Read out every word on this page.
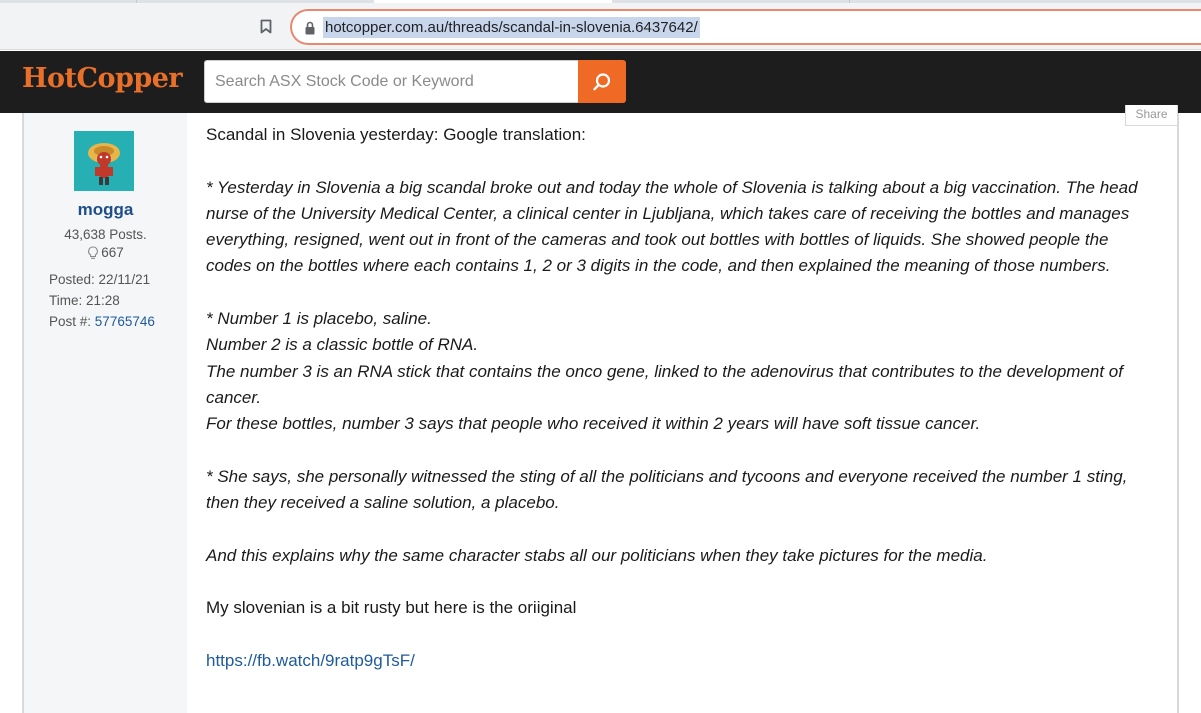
hotcopper.com.au/threads/scandal-in-slovenia.6437642/
HotCopper
Search ASX Stock Code or Keyword
Share
mogga
43,638 Posts.
667
Posted: 22/11/21
Time: 21:28
Post #: 57765746

Scandal in Slovenia yesterday: Google translation:

* Yesterday in Slovenia a big scandal broke out and today the whole of Slovenia is talking about a big vaccination. The head nurse of the University Medical Center, a clinical center in Ljubljana, which takes care of receiving the bottles and manages everything, resigned, went out in front of the cameras and took out bottles with bottles of liquids. She showed people the codes on the bottles where each contains 1, 2 or 3 digits in the code, and then explained the meaning of those numbers.

* Number 1 is placebo, saline.

Number 2 is a classic bottle of RNA.

The number 3 is an RNA stick that contains the onco gene, linked to the adenovirus that contributes to the development of cancer.

For these bottles, number 3 says that people who received it within 2 years will have soft tissue cancer.

* She says, she personally witnessed the sting of all the politicians and tycoons and everyone received the number 1 sting, then they received a saline solution, a placebo.

And this explains why the same character stabs all our politicians when they take pictures for the media.

My slovenian is a bit rusty but here is the oriiginal

https://fb.watch/9ratp9gTsF/
